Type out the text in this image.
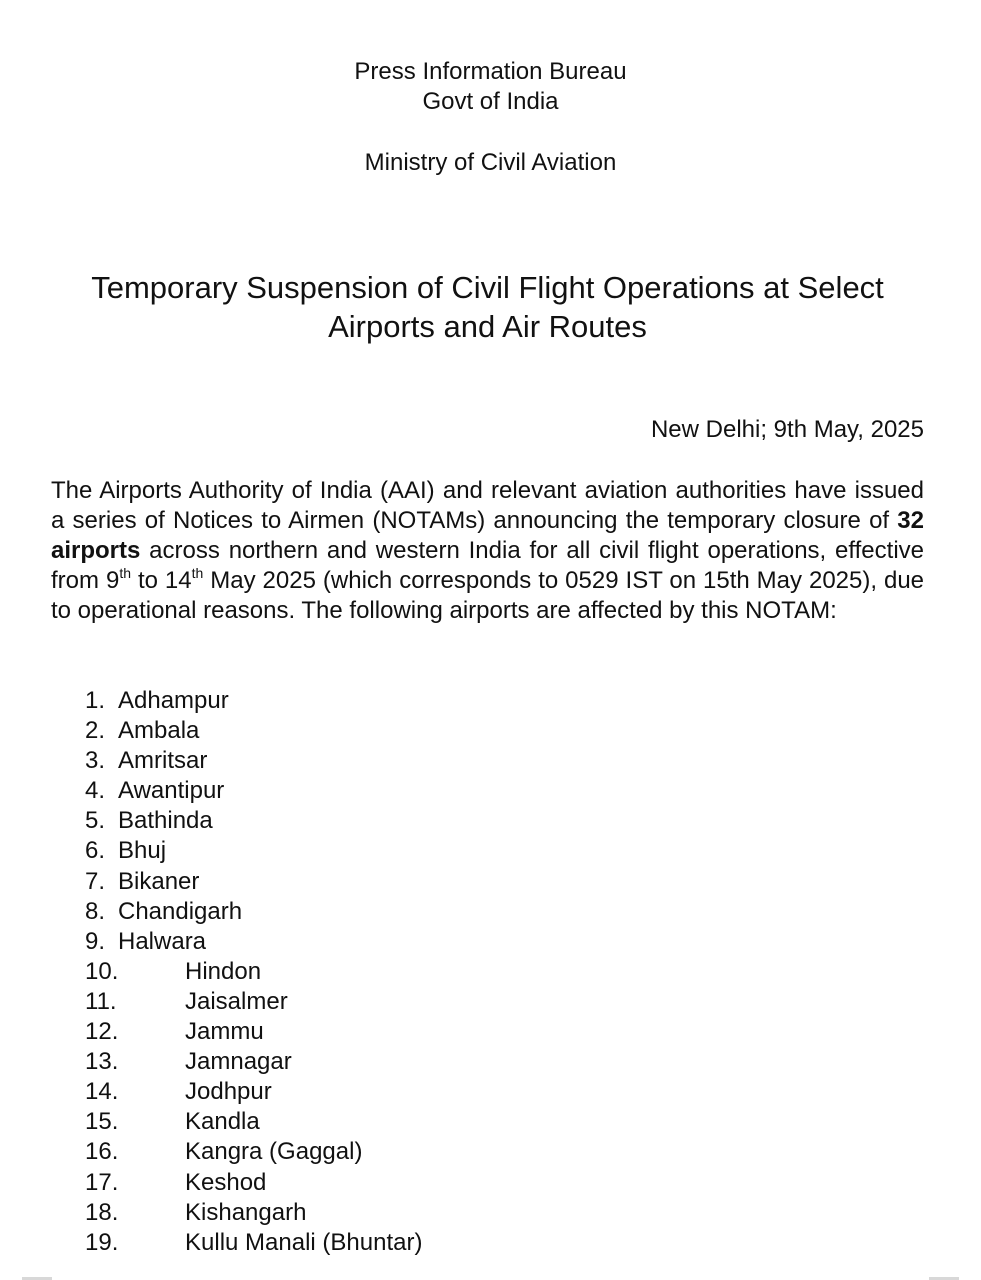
Press Information Bureau
Govt of India
Ministry of Civil Aviation
Temporary Suspension of Civil Flight Operations at Select
Airports and Air Routes
New Delhi; 9th May, 2025

The Airports Authority of India (AAI) and relevant aviation authorities have issued a series of Notices to Airmen (NOTAMs) announcing the temporary closure of 32 airports across northern and western India for all civil flight operations, effective from 9th to 14th May 2025 (which corresponds to 0529 IST on 15th May 2025), due to operational reasons. The following airports are affected by this NOTAM:

1. Adhampur
2. Ambala
3. Amritsar
4. Awantipur
5. Bathinda
6. Bhuj
7. Bikaner
8. Chandigarh
9. Halwara
10.	Hindon
11.	Jaisalmer
12.	Jammu
13.	Jamnagar
14.	Jodhpur
15.	Kandla
16.	Kangra (Gaggal)
17.	Keshod
18.	Kishangarh
19.	Kullu Manali (Bhuntar)
